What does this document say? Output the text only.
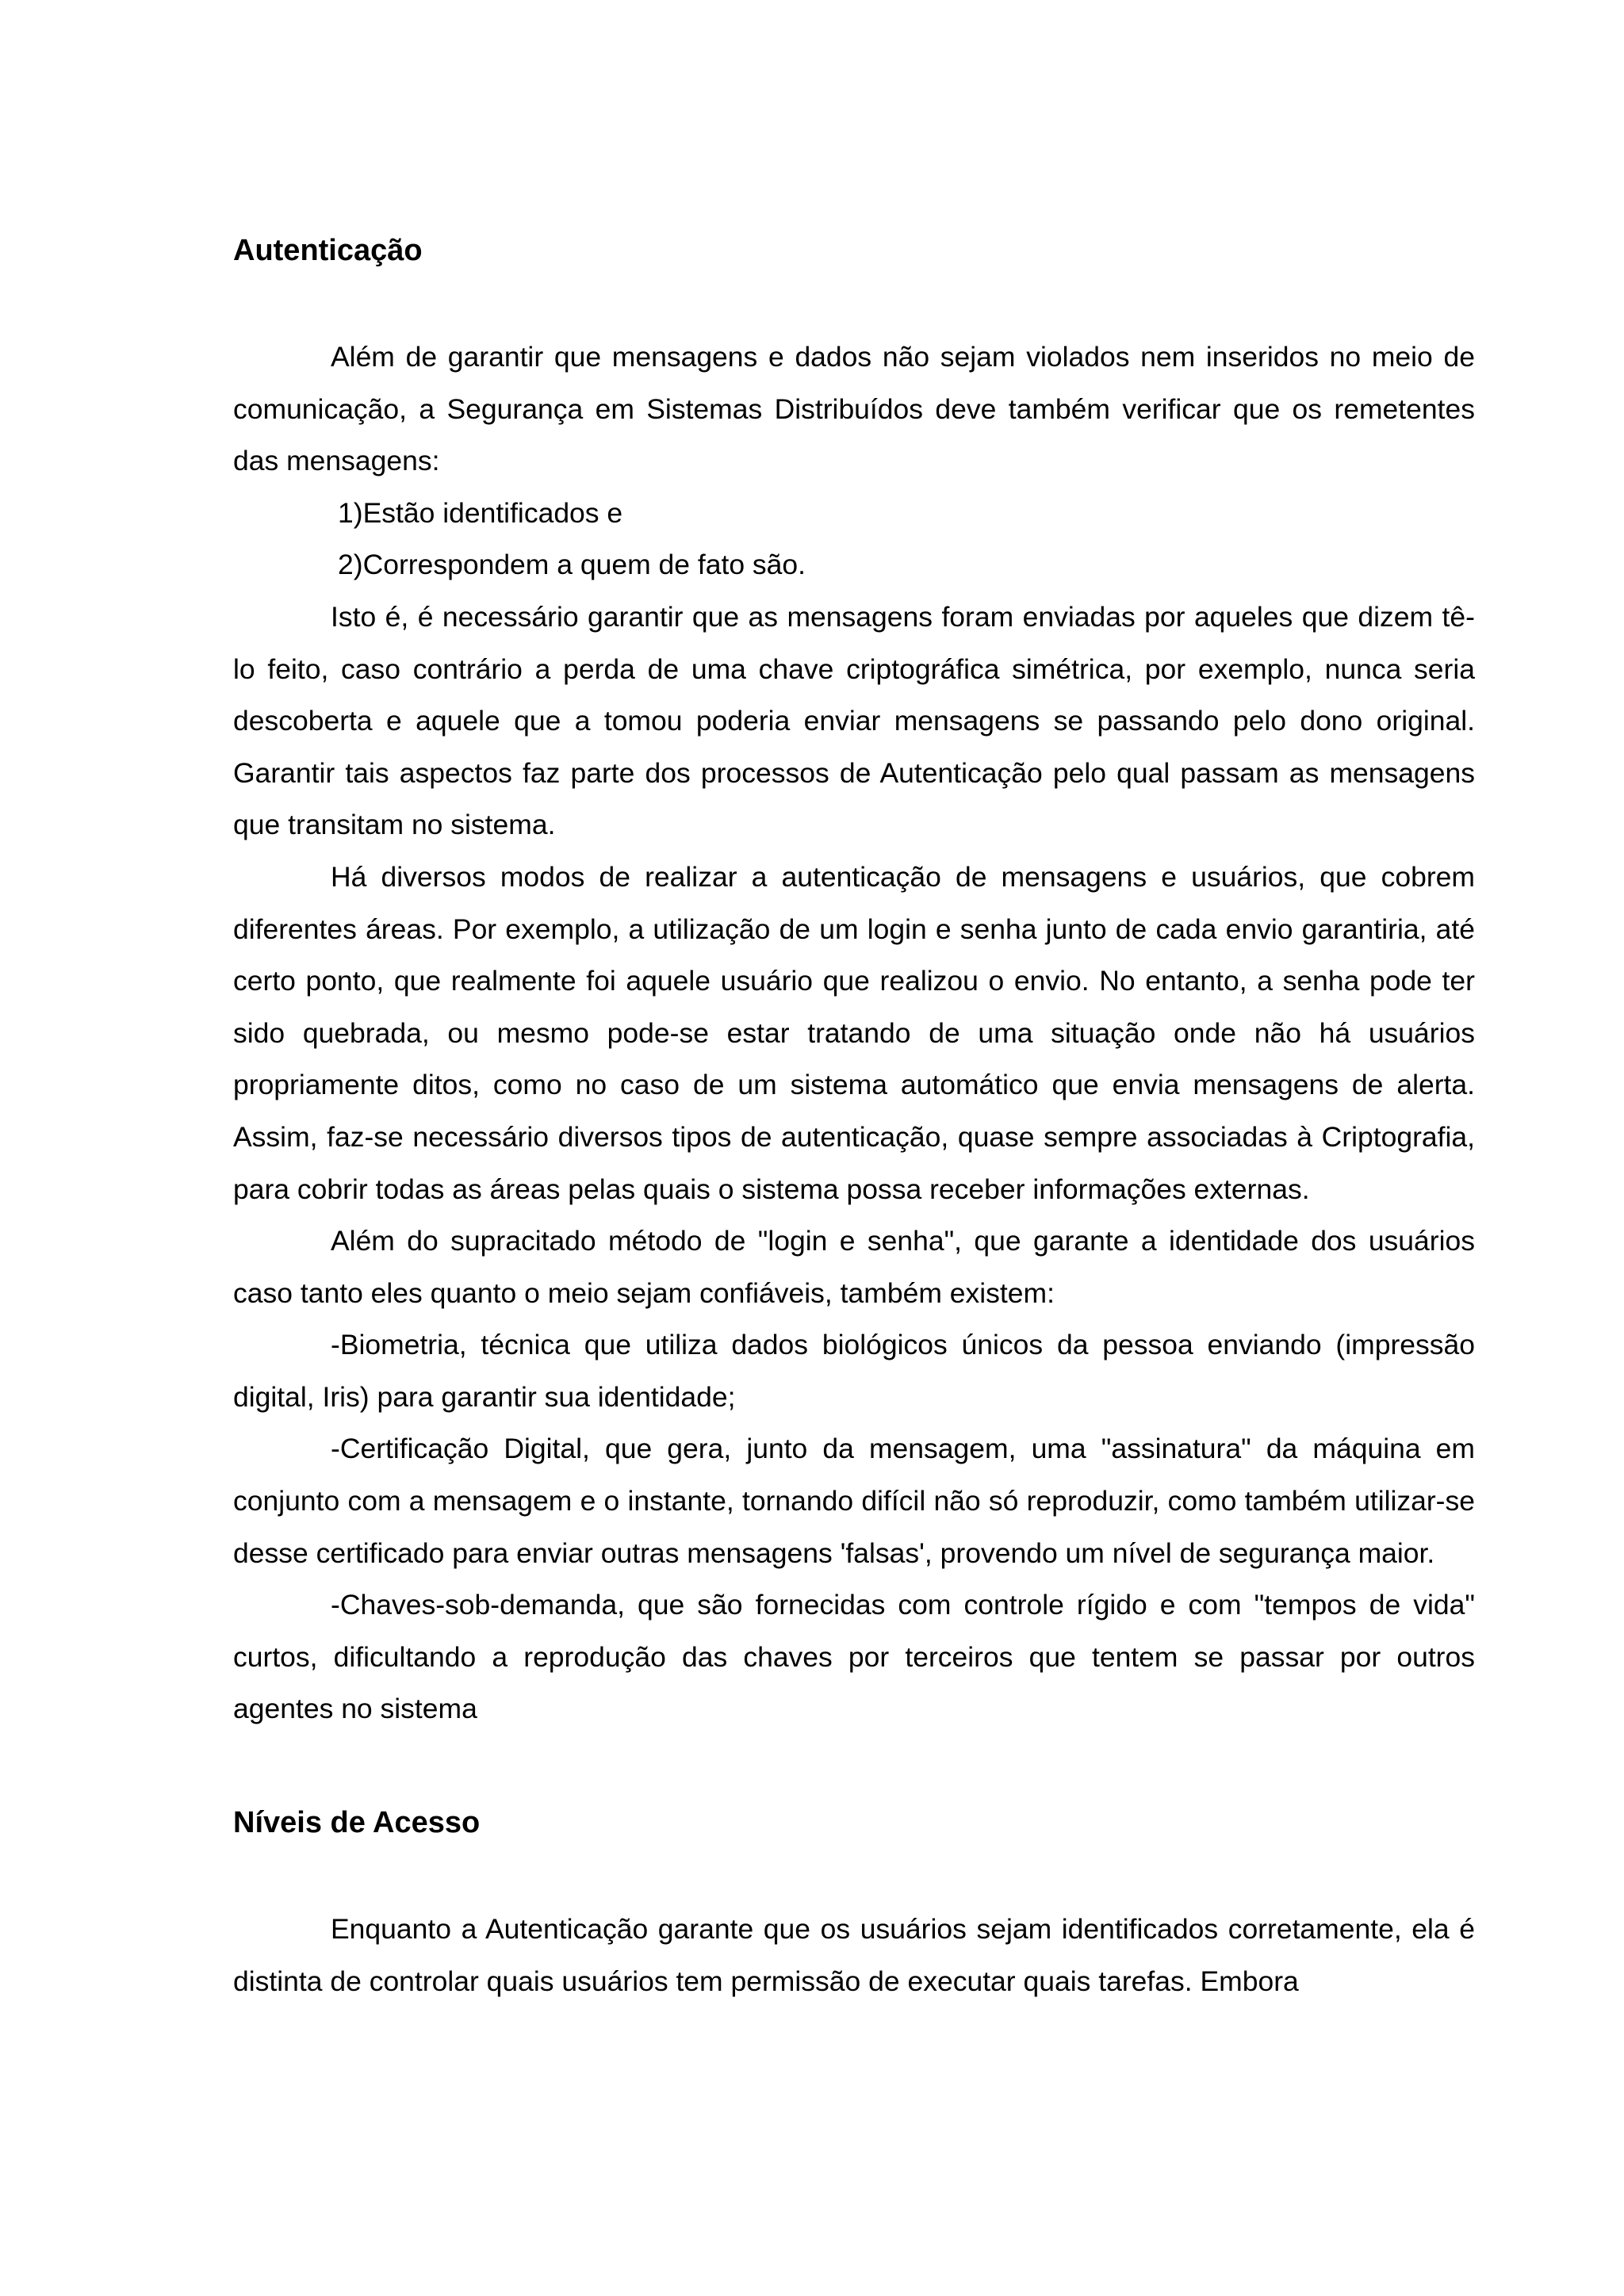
Autenticação

Além de garantir que mensagens e dados não sejam violados nem inseridos no meio de comunicação, a Segurança em Sistemas Distribuídos deve também verificar que os remetentes das mensagens:

1)Estão identificados e

2)Correspondem a quem de fato são.

Isto é, é necessário garantir que as mensagens foram enviadas por aqueles que dizem tê-lo feito, caso contrário a perda de uma chave criptográfica simétrica, por exemplo, nunca seria descoberta e aquele que a tomou poderia enviar mensagens se passando pelo dono original. Garantir tais aspectos faz parte dos processos de Autenticação pelo qual passam as mensagens que transitam no sistema.

Há diversos modos de realizar a autenticação de mensagens e usuários, que cobrem diferentes áreas. Por exemplo, a utilização de um login e senha junto de cada envio garantiria, até certo ponto, que realmente foi aquele usuário que realizou o envio. No entanto, a senha pode ter sido quebrada, ou mesmo pode-se estar tratando de uma situação onde não há usuários propriamente ditos, como no caso de um sistema automático que envia mensagens de alerta. Assim, faz-se necessário diversos tipos de autenticação, quase sempre associadas à Criptografia, para cobrir todas as áreas pelas quais o sistema possa receber informações externas.

Além do supracitado método de "login e senha", que garante a identidade dos usuários caso tanto eles quanto o meio sejam confiáveis, também existem:

-Biometria, técnica que utiliza dados biológicos únicos da pessoa enviando (impressão digital, Iris) para garantir sua identidade;

-Certificação Digital, que gera, junto da mensagem, uma "assinatura" da máquina em conjunto com a mensagem e o instante, tornando difícil não só reproduzir, como também utilizar-se desse certificado para enviar outras mensagens 'falsas', provendo um nível de segurança maior.

-Chaves-sob-demanda, que são fornecidas com controle rígido e com "tempos de vida" curtos, dificultando a reprodução das chaves por terceiros que tentem se passar por outros agentes no sistema

Níveis de Acesso

Enquanto a Autenticação garante que os usuários sejam identificados corretamente, ela é distinta de controlar quais usuários tem permissão de executar quais tarefas. Embora
